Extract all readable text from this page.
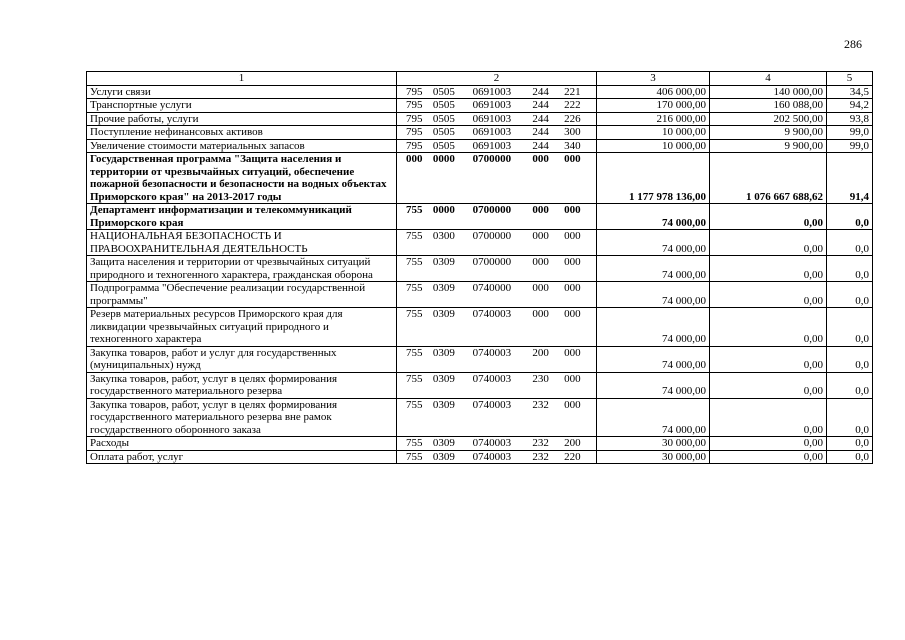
286
1	2	3	4	5
Услуги связи	795 0505 0691003 244 221	406 000,00	140 000,00	34,5
Транспортные услуги	795 0505 0691003 244 222	170 000,00	160 088,00	94,2
Прочие работы, услуги	795 0505 0691003 244 226	216 000,00	202 500,00	93,8
Поступление нефинансовых активов	795 0505 0691003 244 300	10 000,00	9 900,00	99,0
Увеличение стоимости материальных запасов	795 0505 0691003 244 340	10 000,00	9 900,00	99,0
Государственная программа "Защита населения и территории от чрезвычайных ситуаций, обеспечение пожарной безопасности и безопасности на водных объектах Приморского края" на 2013-2017 годы	000 0000 0700000 000 000	1 177 978 136,00	1 076 667 688,62	91,4
Департамент информатизации и телекоммуникаций Приморского края	755 0000 0700000 000 000	74 000,00	0,00	0,0
НАЦИОНАЛЬНАЯ БЕЗОПАСНОСТЬ И ПРАВООХРАНИТЕЛЬНАЯ ДЕЯТЕЛЬНОСТЬ	755 0300 0700000 000 000	74 000,00	0,00	0,0
Защита населения и территории от чрезвычайных ситуаций природного и техногенного характера, гражданская оборона	755 0309 0700000 000 000	74 000,00	0,00	0,0
Подпрограмма "Обеспечение реализации государственной программы"	755 0309 0740000 000 000	74 000,00	0,00	0,0
Резерв материальных ресурсов Приморского края для ликвидации чрезвычайных ситуаций природного и техногенного характера	755 0309 0740003 000 000	74 000,00	0,00	0,0
Закупка товаров, работ и услуг для государственных (муниципальных) нужд	755 0309 0740003 200 000	74 000,00	0,00	0,0
Закупка товаров, работ, услуг в целях формирования государственного материального резерва	755 0309 0740003 230 000	74 000,00	0,00	0,0
Закупка товаров, работ, услуг в целях формирования государственного материального резерва вне рамок государственного оборонного заказа	755 0309 0740003 232 000	74 000,00	0,00	0,0
Расходы	755 0309 0740003 232 200	30 000,00	0,00	0,0
Оплата работ, услуг	755 0309 0740003 232 220	30 000,00	0,00	0,0
